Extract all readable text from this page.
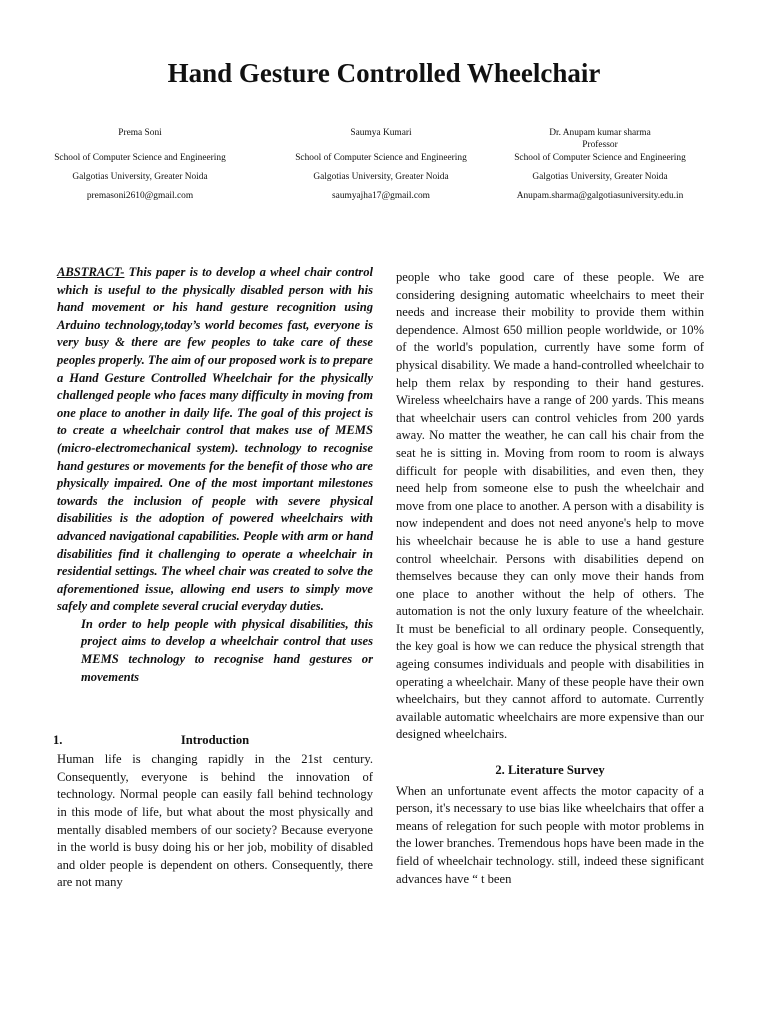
Hand Gesture Controlled Wheelchair
Prema Soni
School of Computer Science and Engineering
Galgotias University, Greater Noida
premasoni2610@gmail.com
Saumya Kumari
School of Computer Science and Engineering
Galgotias University, Greater Noida
saumyajha17@gmail.com
Dr. Anupam kumar sharma
Professor
School of Computer Science and Engineering
Galgotias University, Greater Noida
Anupam.sharma@galgotiasuniversity.edu.in

ABSTRACT- This paper is to develop a wheel chair control which is useful to the physically disabled person with his hand movement or his hand gesture recognition using Arduino technology,today’s world becomes fast, everyone is very busy & there are few peoples to take care of these peoples properly. The aim of our proposed work is to prepare a Hand Gesture Controlled Wheelchair for the physically challenged people who faces many difficulty in moving from one place to another in daily life. The goal of this project is to create a wheelchair control that makes use of MEMS (micro-electromechanical system). technology to recognise hand gestures or movements for the benefit of those who are physically impaired. One of the most important milestones towards the inclusion of people with severe physical disabilities is the adoption of powered wheelchairs with advanced navigational capabilities. People with arm or hand disabilities find it challenging to operate a wheelchair in residential settings. The wheel chair was created to solve the aforementioned issue, allowing end users to simply move safely and complete several crucial everyday duties.

In order to help people with physical disabilities, this project aims to develop a wheelchair control that uses MEMS technology to recognise hand gestures or movements

1.	Introduction

Human life is changing rapidly in the 21st century. Consequently, everyone is behind the innovation of technology. Normal people can easily fall behind technology in this mode of life, but what about the most physically and mentally disabled members of our society? Because everyone in the world is busy doing his or her job, mobility of disabled and older people is dependent on others. Consequently, there are not many

people who take good care of these people. We are considering designing automatic wheelchairs to meet their needs and increase their mobility to provide them within dependence. Almost 650 million people worldwide, or 10% of the world's population, currently have some form of physical disability. We made a hand-controlled wheelchair to help them relax by responding to their hand gestures. Wireless wheelchairs have a range of 200 yards. This means that wheelchair users can control vehicles from 200 yards away. No matter the weather, he can call his chair from the seat he is sitting in. Moving from room to room is always difficult for people with disabilities, and even then, they need help from someone else to push the wheelchair and move from one place to another. A person with a disability is now independent and does not need anyone's help to move his wheelchair because he is able to use a hand gesture control wheelchair. Persons with disabilities depend on themselves because they can only move their hands from one place to another without the help of others. The automation is not the only luxury feature of the wheelchair. It must be beneficial to all ordinary people. Consequently, the key goal is how we can reduce the physical strength that ageing consumes individuals and people with disabilities in operating a wheelchair. Many of these people have their own wheelchairs, but they cannot afford to automate. Currently available automatic wheelchairs are more expensive than our designed wheelchairs.

2. Literature Survey

When an unfortunate event affects the motor capacity of a person, it's necessary to use bias like wheelchairs that offer a means of relegation for such people with motor problems in the lower branches. Tremendous hops have been made in the field of wheelchair technology. still, indeed these significant advances have “ t been
